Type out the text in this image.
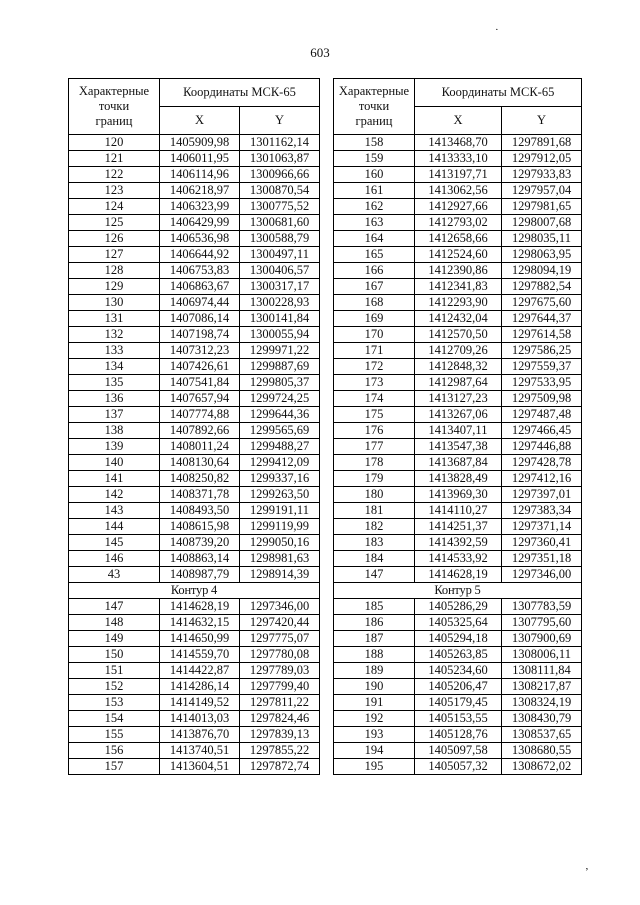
603
Характерные
точки
границ	Координаты МСК-65	
	X	Y
120	1405909,98	1301162,14
121	1406011,95	1301063,87
122	1406114,96	1300966,66
123	1406218,97	1300870,54
124	1406323,99	1300775,52
125	1406429,99	1300681,60
126	1406536,98	1300588,79
127	1406644,92	1300497,11
128	1406753,83	1300406,57
129	1406863,67	1300317,17
130	1406974,44	1300228,93
131	1407086,14	1300141,84
132	1407198,74	1300055,94
133	1407312,23	1299971,22
134	1407426,61	1299887,69
135	1407541,84	1299805,37
136	1407657,94	1299724,25
137	1407774,88	1299644,36
138	1407892,66	1299565,69
139	1408011,24	1299488,27
140	1408130,64	1299412,09
141	1408250,82	1299337,16
142	1408371,78	1299263,50
143	1408493,50	1299191,11
144	1408615,98	1299119,99
145	1408739,20	1299050,16
146	1408863,14	1298981,63
43	1408987,79	1298914,39
Контур 4		
147	1414628,19	1297346,00
148	1414632,15	1297420,44
149	1414650,99	1297775,07
150	1414559,70	1297780,08
151	1414422,87	1297789,03
152	1414286,14	1297799,40
153	1414149,52	1297811,22
154	1414013,03	1297824,46
155	1413876,70	1297839,13
156	1413740,51	1297855,22
157	1413604,51	1297872,74
Характерные
точки
границ	Координаты МСК-65	
	X	Y
158	1413468,70	1297891,68
159	1413333,10	1297912,05
160	1413197,71	1297933,83
161	1413062,56	1297957,04
162	1412927,66	1297981,65
163	1412793,02	1298007,68
164	1412658,66	1298035,11
165	1412524,60	1298063,95
166	1412390,86	1298094,19
167	1412341,83	1297882,54
168	1412293,90	1297675,60
169	1412432,04	1297644,37
170	1412570,50	1297614,58
171	1412709,26	1297586,25
172	1412848,32	1297559,37
173	1412987,64	1297533,95
174	1413127,23	1297509,98
175	1413267,06	1297487,48
176	1413407,11	1297466,45
177	1413547,38	1297446,88
178	1413687,84	1297428,78
179	1413828,49	1297412,16
180	1413969,30	1297397,01
181	1414110,27	1297383,34
182	1414251,37	1297371,14
183	1414392,59	1297360,41
184	1414533,92	1297351,18
147	1414628,19	1297346,00
Контур 5		
185	1405286,29	1307783,59
186	1405325,64	1307795,60
187	1405294,18	1307900,69
188	1405263,85	1308006,11
189	1405234,60	1308111,84
190	1405206,47	1308217,87
191	1405179,45	1308324,19
192	1405153,55	1308430,79
193	1405128,76	1308537,65
194	1405097,58	1308680,55
195	1405057,32	1308672,02
·
ʼ
